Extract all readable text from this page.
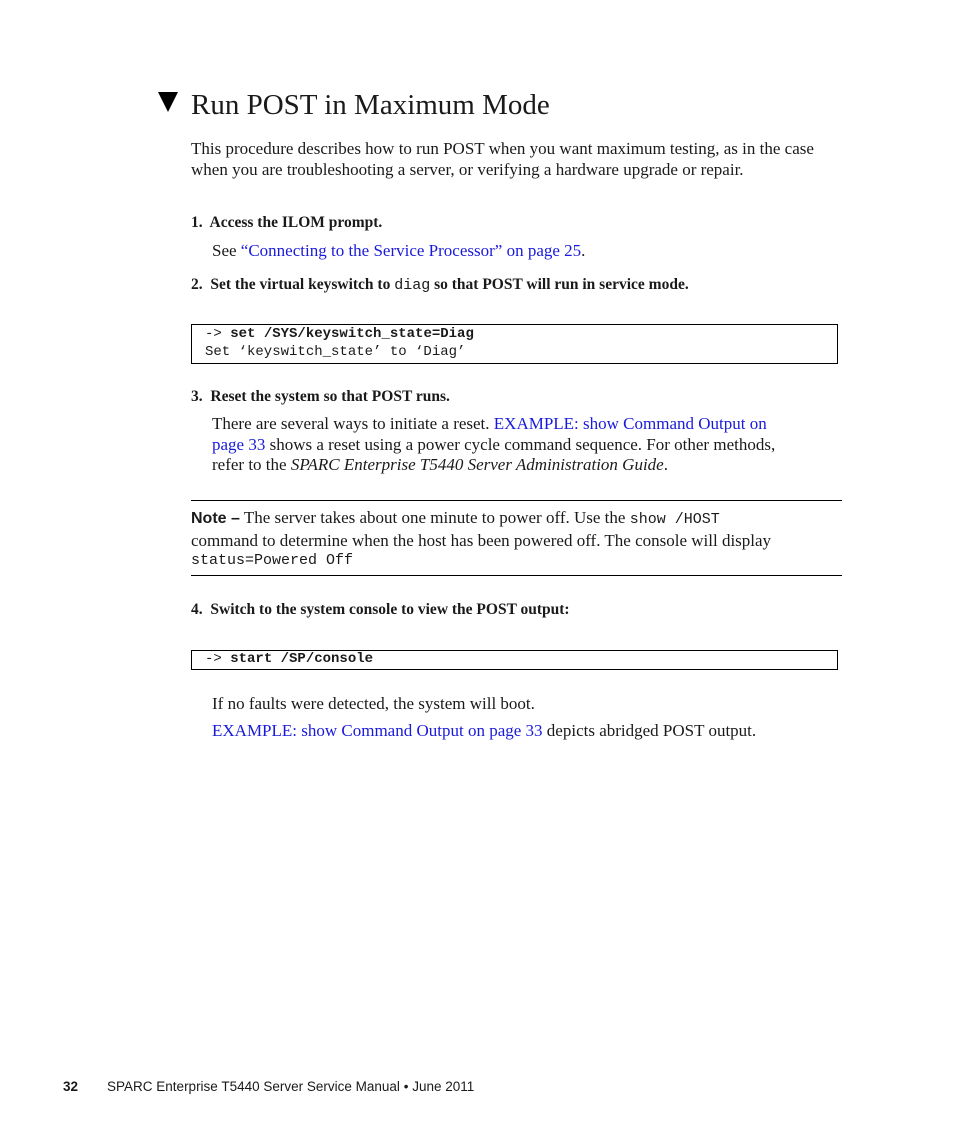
Run POST in Maximum Mode
This procedure describes how to run POST when you want maximum testing, as in the case when you are troubleshooting a server, or verifying a hardware upgrade or repair.
1. Access the ILOM prompt.
See “Connecting to the Service Processor” on page 25.
2. Set the virtual keyswitch to diag so that POST will run in service mode.
-> set /SYS/keyswitch_state=Diag
Set ‘keyswitch_state’ to ‘Diag’
3. Reset the system so that POST runs.
There are several ways to initiate a reset. EXAMPLE: show Command Output on
page 33 shows a reset using a power cycle command sequence. For other methods,
refer to the SPARC Enterprise T5440 Server Administration Guide.
Note – The server takes about one minute to power off. Use the show /HOST
command to determine when the host has been powered off. The console will display
status=Powered Off
4. Switch to the system console to view the POST output:
-> start /SP/console
If no faults were detected, the system will boot.
EXAMPLE: show Command Output on page 33 depicts abridged POST output.
32 SPARC Enterprise T5440 Server Service Manual • June 2011
